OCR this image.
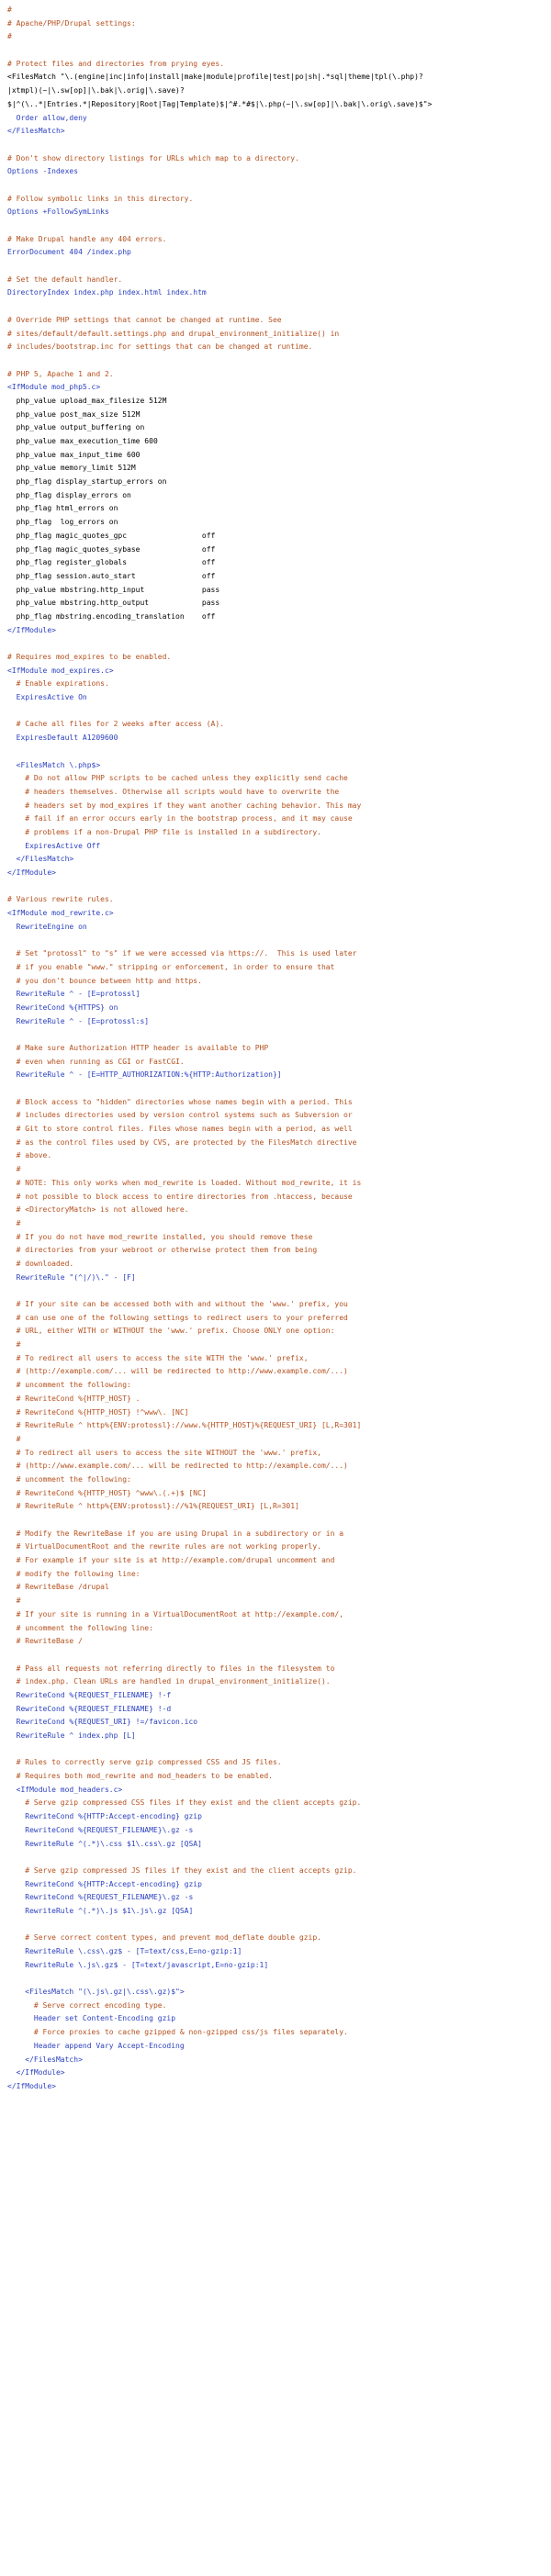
#
# Apache/PHP/Drupal settings:
#
# Protect files and directories from prying eyes.
<FilesMatch "\.(engine|inc|info|install|make|module|profile|test|po|sh|.*sql|theme|tpl(\.php)?
|xtmpl)(~|\.sw[op]|\.bak|\.orig|\.save)?
$|^(\..*|Entries.*|Repository|Root|Tag|Template)$|^#.*#$|\.php(~|\.sw[op]|\.bak|\.orig\.save)$">
Order allow,deny
</FilesMatch>
# Don't show directory listings for URLs which map to a directory.
Options -Indexes
# Follow symbolic links in this directory.
Options +FollowSymLinks
# Make Drupal handle any 404 errors.
ErrorDocument 404 /index.php
# Set the default handler.
DirectoryIndex index.php index.html index.htm
# Override PHP settings that cannot be changed at runtime. See
# sites/default/default.settings.php and drupal_environment_initialize() in
# includes/bootstrap.inc for settings that can be changed at runtime.
# PHP 5, Apache 1 and 2.
<IfModule mod_php5.c>
php_value upload_max_filesize 512M
php_value post_max_size 512M
php_value output_buffering on
php_value max_execution_time 600
php_value max_input_time 600
php_value memory_limit 512M
php_flag display_startup_errors on
php_flag display_errors on
php_flag html_errors on
php_flag  log_errors on
php_flag magic_quotes_gpc                 off
php_flag magic_quotes_sybase              off
php_flag register_globals                 off
php_flag session.auto_start               off
php_value mbstring.http_input             pass
php_value mbstring.http_output            pass
php_flag mbstring.encoding_translation    off
</IfModule>
# Requires mod_expires to be enabled.
<IfModule mod_expires.c>
# Enable expirations.
ExpiresActive On
# Cache all files for 2 weeks after access (A).
ExpiresDefault A1209600
<FilesMatch \.php$>
# Do not allow PHP scripts to be cached unless they explicitly send cache
# headers themselves. Otherwise all scripts would have to overwrite the
# headers set by mod_expires if they want another caching behavior. This may
# fail if an error occurs early in the bootstrap process, and it may cause
# problems if a non-Drupal PHP file is installed in a subdirectory.
ExpiresActive Off
</FilesMatch>
</IfModule>
# Various rewrite rules.
<IfModule mod_rewrite.c>
RewriteEngine on
# Set "protossl" to "s" if we were accessed via https://.  This is used later
# if you enable "www." stripping or enforcement, in order to ensure that
# you don't bounce between http and https.
RewriteRule ^ - [E=protossl]
RewriteCond %{HTTPS} on
RewriteRule ^ - [E=protossl:s]
# Make sure Authorization HTTP header is available to PHP
# even when running as CGI or FastCGI.
RewriteRule ^ - [E=HTTP_AUTHORIZATION:%{HTTP:Authorization}]
# Block access to "hidden" directories whose names begin with a period. This
# includes directories used by version control systems such as Subversion or
# Git to store control files. Files whose names begin with a period, as well
# as the control files used by CVS, are protected by the FilesMatch directive
# above.
#
# NOTE: This only works when mod_rewrite is loaded. Without mod_rewrite, it is
# not possible to block access to entire directories from .htaccess, because
# <DirectoryMatch> is not allowed here.
#
# If you do not have mod_rewrite installed, you should remove these
# directories from your webroot or otherwise protect them from being
# downloaded.
RewriteRule "(^|/)\." - [F]
# If your site can be accessed both with and without the 'www.' prefix, you
# can use one of the following settings to redirect users to your preferred
# URL, either WITH or WITHOUT the 'www.' prefix. Choose ONLY one option:
#
# To redirect all users to access the site WITH the 'www.' prefix,
# (http://example.com/... will be redirected to http://www.example.com/...)
# uncomment the following:
# RewriteCond %{HTTP_HOST} .
# RewriteCond %{HTTP_HOST} !^www\. [NC]
# RewriteRule ^ http%{ENV:protossl}://www.%{HTTP_HOST}%{REQUEST_URI} [L,R=301]
#
# To redirect all users to access the site WITHOUT the 'www.' prefix,
# (http://www.example.com/... will be redirected to http://example.com/...)
# uncomment the following:
# RewriteCond %{HTTP_HOST} ^www\.(.+)$ [NC]
# RewriteRule ^ http%{ENV:protossl}://%1%{REQUEST_URI} [L,R=301]
# Modify the RewriteBase if you are using Drupal in a subdirectory or in a
# VirtualDocumentRoot and the rewrite rules are not working properly.
# For example if your site is at http://example.com/drupal uncomment and
# modify the following line:
# RewriteBase /drupal
#
# If your site is running in a VirtualDocumentRoot at http://example.com/,
# uncomment the following line:
# RewriteBase /
# Pass all requests not referring directly to files in the filesystem to
# index.php. Clean URLs are handled in drupal_environment_initialize().
RewriteCond %{REQUEST_FILENAME} !-f
RewriteCond %{REQUEST_FILENAME} !-d
RewriteCond %{REQUEST_URI} !=/favicon.ico
RewriteRule ^ index.php [L]
# Rules to correctly serve gzip compressed CSS and JS files.
# Requires both mod_rewrite and mod_headers to be enabled.
<IfModule mod_headers.c>
# Serve gzip compressed CSS files if they exist and the client accepts gzip.
RewriteCond %{HTTP:Accept-encoding} gzip
RewriteCond %{REQUEST_FILENAME}\.gz -s
RewriteRule ^(.*)\.css $1\.css\.gz [QSA]
# Serve gzip compressed JS files if they exist and the client accepts gzip.
RewriteCond %{HTTP:Accept-encoding} gzip
RewriteCond %{REQUEST_FILENAME}\.gz -s
RewriteRule ^(.*)\.js $1\.js\.gz [QSA]
# Serve correct content types, and prevent mod_deflate double gzip.
RewriteRule \.css\.gz$ - [T=text/css,E=no-gzip:1]
RewriteRule \.js\.gz$ - [T=text/javascript,E=no-gzip:1]
<FilesMatch "(\.js\.gz|\.css\.gz)$">
# Serve correct encoding type.
Header set Content-Encoding gzip
# Force proxies to cache gzipped & non-gzipped css/js files separately.
Header append Vary Accept-Encoding
</FilesMatch>
</IfModule>
</IfModule>
